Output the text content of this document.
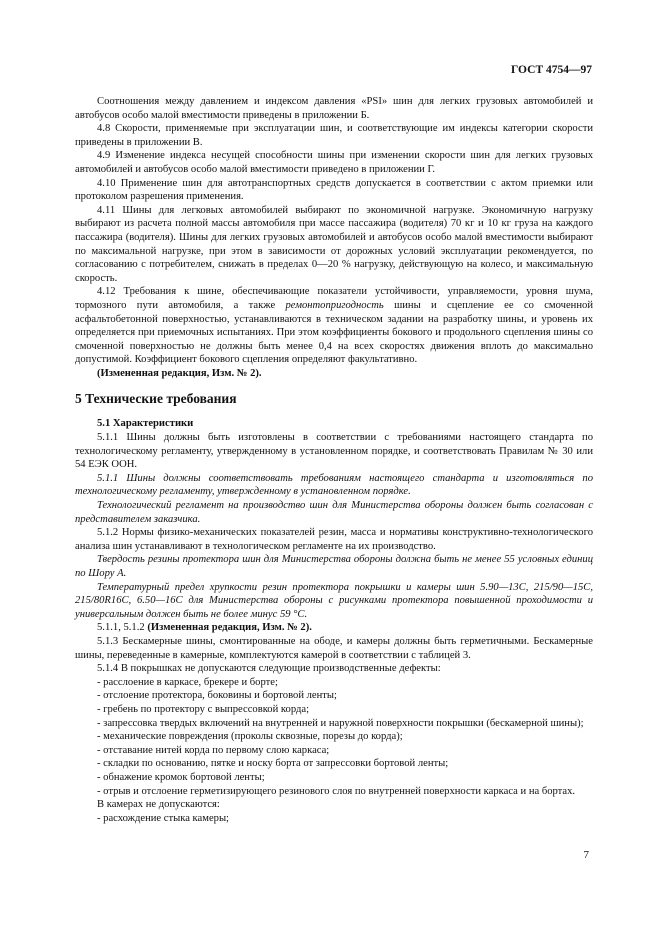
ГОСТ 4754—97

Соотношения между давлением и индексом давления «PSI» шин для легких грузовых автомобилей и автобусов особо малой вместимости приведены в приложении Б.

4.8 Скорости, применяемые при эксплуатации шин, и соответствующие им индексы категории скорости приведены в приложении В.

4.9 Изменение индекса несущей способности шины при изменении скорости шин для легких грузовых автомобилей и автобусов особо малой вместимости приведено в приложении Г.

4.10 Применение шин для автотранспортных средств допускается в соответствии с актом приемки или протоколом разрешения применения.

4.11 Шины для легковых автомобилей выбирают по экономичной нагрузке. Экономичную нагрузку выбирают из расчета полной массы автомобиля при массе пассажира (водителя) 70 кг и 10 кг груза на каждого пассажира (водителя). Шины для легких грузовых автомобилей и автобусов особо малой вместимости выбирают по максимальной нагрузке, при этом в зависимости от дорожных условий эксплуатации рекомендуется, по согласованию с потребителем, снижать в пределах 0—20 % нагрузку, действующую на колесо, и максимальную скорость.

4.12 Требования к шине, обеспечивающие показатели устойчивости, управляемости, уровня шума, тормозного пути автомобиля, а также ремонтопригодность шины и сцепление ее со смоченной асфальтобетонной поверхностью, устанавливаются в техническом задании на разработку шины, и уровень их определяется при приемочных испытаниях. При этом коэффициенты бокового и продольного сцепления шины со смоченной поверхностью не должны быть менее 0,4 на всех скоростях движения вплоть до максимально допустимой. Коэффициент бокового сцепления определяют факультативно.

(Измененная редакция, Изм. № 2).

5 Технические требования

5.1 Характеристики

5.1.1 Шины должны быть изготовлены в соответствии с требованиями настоящего стандарта по технологическому регламенту, утвержденному в установленном порядке, и соответствовать Правилам № 30 или 54 ЕЭК ООН.

5.1.1 Шины должны соответствовать требованиям настоящего стандарта и изготовляться по технологическому регламенту, утвержденному в установленном порядке.

Технологический регламент на производство шин для Министерства обороны должен быть согласован с представителем заказчика.

5.1.2 Нормы физико-механических показателей резин, масса и нормативы конструктивно-технологического анализа шин устанавливают в технологическом регламенте на их производство.

Твердость резины протектора шин для Министерства обороны должна быть не менее 55 условных единиц по Шору А.

Температурный предел хрупкости резин протектора покрышки и камеры шин 5.90—13С, 215/90—15С, 215/80R16С, 6.50—16С для Министерства обороны с рисунками протектора повышенной проходимости и универсальным должен быть не более минус 59 °С.

5.1.1, 5.1.2 (Измененная редакция, Изм. № 2).

5.1.3 Бескамерные шины, смонтированные на ободе, и камеры должны быть герметичными. Бескамерные шины, переведенные в камерные, комплектуются камерой в соответствии с таблицей 3.

5.1.4 В покрышках не допускаются следующие производственные дефекты:

- расслоение в каркасе, брекере и борте;

- отслоение протектора, боковины и бортовой ленты;

- гребень по протектору с выпрессовкой корда;

- запрессовка твердых включений на внутренней и наружной поверхности покрышки (бескамерной шины);

- механические повреждения (проколы сквозные, порезы до корда);

- отставание нитей корда по первому слою каркаса;

- складки по основанию, пятке и носку борта от запрессовки бортовой ленты;

- обнажение кромок бортовой ленты;

- отрыв и отслоение герметизирующего резинового слоя по внутренней поверхности каркаса и на бортах.

В камерах не допускаются:

- расхождение стыка камеры;

7
